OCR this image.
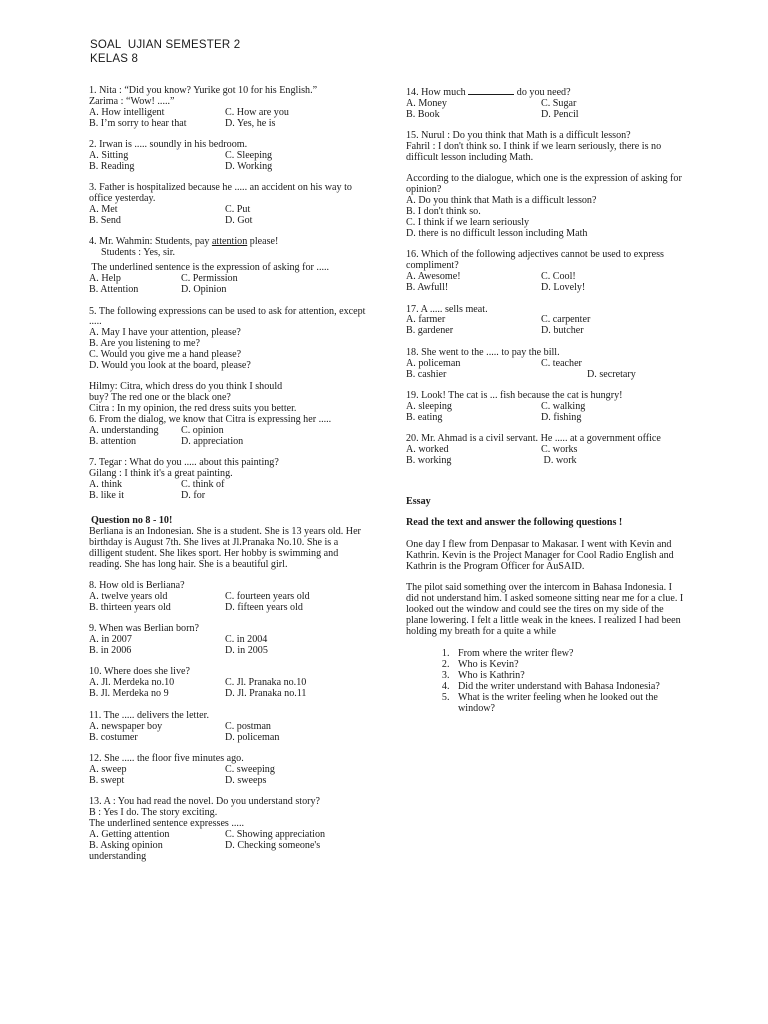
SOAL  UJIAN SEMESTER 2
KELAS 8
1. Nita : “Did you know? Yurike got 10 for his English.”
Zarima : “Wow! .....”
A. How intelligent	C. How are you
B. I’m sorry to hear that	D. Yes, he is
2. Irwan is ..... soundly in his bedroom.
A. Sitting	C. Sleeping
B. Reading	D. Working
3. Father is hospitalized because he ..... an accident on his way to office yesterday.
A. Met	C. Put
B. Send	D. Got
4. Mr. Wahmin: Students, pay attention please!
Students : Yes, sir.
The underlined sentence is the expression of asking for .....
A. Help	C. Permission
B. Attention	D. Opinion
5. The following expressions can be used to ask for attention, except .....
A. May I have your attention, please?
B. Are you listening to me?
C. Would you give me a hand please?
D. Would you look at the board, please?
Hilmy: Citra, which dress do you think I should
buy? The red one or the black one?
Citra : In my opinion, the red dress suits you better.
6. From the dialog, we know that Citra is expressing her .....
A. understanding	C. opinion
B. attention	D. appreciation
7. Tegar : What do you ..... about this painting?
Gilang : I think it's a great painting.
A. think	C. think of
B. like it	D. for
Question no 8 - 10!
Berliana is an Indonesian. She is a student. She is 13 years old. Her birthday is August 7th. She lives at Jl.Pranaka No.10. She is a dilligent student. She likes sport. Her hobby is swimming and reading. She has long hair. She is a beautiful girl.
8. How old is Berliana?
A. twelve years old	C. fourteen years old
B. thirteen years old	D. fifteen years old
9. When was Berlian born?
A. in 2007	C. in 2004
B. in 2006	D. in 2005
10. Where does she live?
A. Jl. Merdeka no.10	C. Jl. Pranaka no.10
B. Jl. Merdeka no 9	D. Jl. Pranaka no.11
11. The ..... delivers the letter.
A. newspaper boy	C. postman
B. costumer	D. policeman
12. She ..... the floor five minutes ago.
A. sweep	C. sweeping
B. swept	D. sweeps
13. A : You had read the novel. Do you understand story?
B : Yes I do. The story exciting.
The underlined sentence expresses .....
A. Getting attention	C. Showing appreciation
B. Asking opinion	D. Checking someone's
understanding
14. How much	do you need?
A. Money	C. Sugar
B. Book	D. Pencil
15. Nurul : Do you think that Math is a difficult lesson?
Fahril : I don't think so. I think if we learn seriously, there is no difficult lesson including Math.
According to the dialogue, which one is the expression of asking for opinion?
A. Do you think that Math is a difficult lesson?
B. I don't think so.
C. I think if we learn seriously
D. there is no difficult lesson including Math
16. Which of the following adjectives cannot be used to express compliment?
A. Awesome!	C. Cool!
B. Awfull!	D. Lovely!
17. A ..... sells meat.
A. farmer	C. carpenter
B. gardener	D. butcher
18. She went to the ..... to pay the bill.
A. policeman	C. teacher
B. cashier	D. secretary
19. Look! The cat is ... fish because the cat is hungry!
A. sleeping	C. walking
B. eating	D. fishing
20. Mr. Ahmad is a civil servant. He ..... at a government office
A. worked	C. works
B. working	D. work
Essay
Read the text and answer the following questions !
One day I flew from Denpasar to Makasar. I went with Kevin and Kathrin. Kevin is the Project Manager for Cool Radio English and Kathrin is the Program Officer for AuSAID.
The pilot said something over the intercom in Bahasa Indonesia. I did not understand him. I asked someone sitting near me for a clue. I looked out the window and could see the tires on my side of the plane lowering. I felt a little weak in the knees. I realized I had been holding my breath for a quite a while
1. From where the writer flew?
2. Who is Kevin?
3. Who is Kathrin?
4. Did the writer understand with Bahasa Indonesia?
5. What is the writer feeling when he looked out the window?
